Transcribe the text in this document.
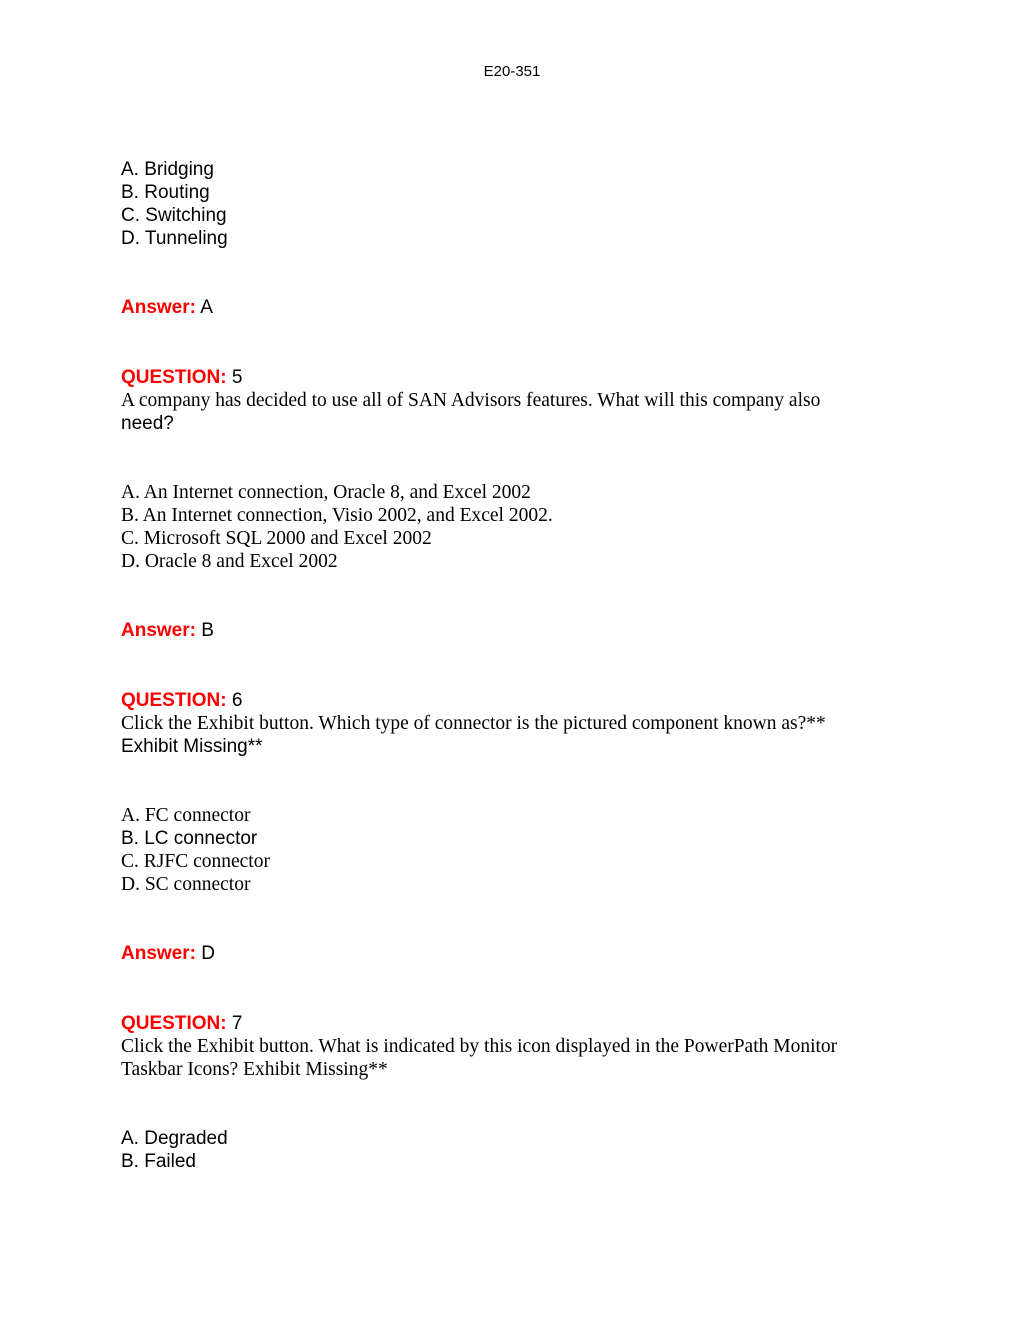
E20-351
A. Bridging
B. Routing
C. Switching
D. Tunneling
Answer: A
QUESTION: 5
A company has decided to use all of SAN Advisors features. What will this company also
need?
A. An Internet connection, Oracle 8, and Excel 2002
B. An Internet connection, Visio 2002, and Excel 2002.
C. Microsoft SQL 2000 and Excel 2002
D. Oracle 8 and Excel 2002
Answer: B
QUESTION: 6
Click the Exhibit button. Which type of connector is the pictured component known as?**
Exhibit Missing**
A. FC connector
B. LC connector
C. RJFC connector
D. SC connector
Answer: D
QUESTION: 7
Click the Exhibit button. What is indicated by this icon displayed in the PowerPath Monitor
Taskbar Icons? Exhibit Missing**
A. Degraded
B. Failed
